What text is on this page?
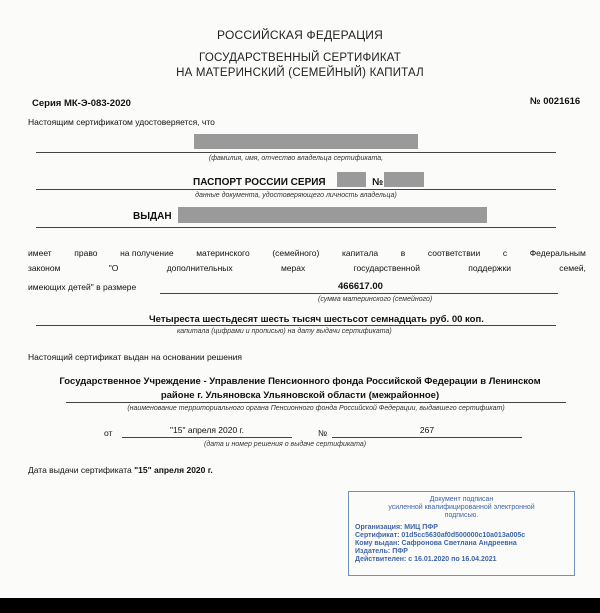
РОССИЙСКАЯ ФЕДЕРАЦИЯ
ГОСУДАРСТВЕННЫЙ СЕРТИФИКАТ
НА МАТЕРИНСКИЙ (СЕМЕЙНЫЙ) КАПИТАЛ
Серия МК-Э-083-2020	№ 0021616
Настоящим сертификатом удостоверяется, что
(фамилия, имя, отчество владельца сертификата,
ПАСПОРТ РОССИИ СЕРИЯ	№
данные документа, удостоверяющего личность владельца)
ВЫДАН
имеет	право	на получение	материнского	(семейного)	капитала	в	соответствии	с	Федеральным
законом	"О	дополнительных	мерах	государственной	поддержки	семей,
имеющих детей" в размере	466617.00
(сумма материнского (семейного)
Четыреста шестьдесят шесть тысяч шестьсот семнадцать руб. 00 коп.
капитала (цифрами и прописью) на дату выдачи сертификата)
Настоящий сертификат выдан на основании решения
Государственное Учреждение - Управление Пенсионного фонда Российской Федерации в Ленинском
районе г. Ульяновска Ульяновской области (межрайонное)
(наименование территориального органа Пенсионного фонда Российской Федерации, выдавшего сертификат)
от	"15" апреля 2020 г.	№	267
(дата и номер решения о выдаче сертификата)
Дата выдачи сертификата "15" апреля 2020 г.
Документ подписан
усиленной квалифицированной электронной
подписью.
Организация: МИЦ ПФР
Сертификат: 01d5cc5630af0d500000c10a013a005c
Кому выдан: Сафронова Светлана Андреевна
Издатель: ПФР
Действителен: с 16.01.2020 по 16.04.2021
